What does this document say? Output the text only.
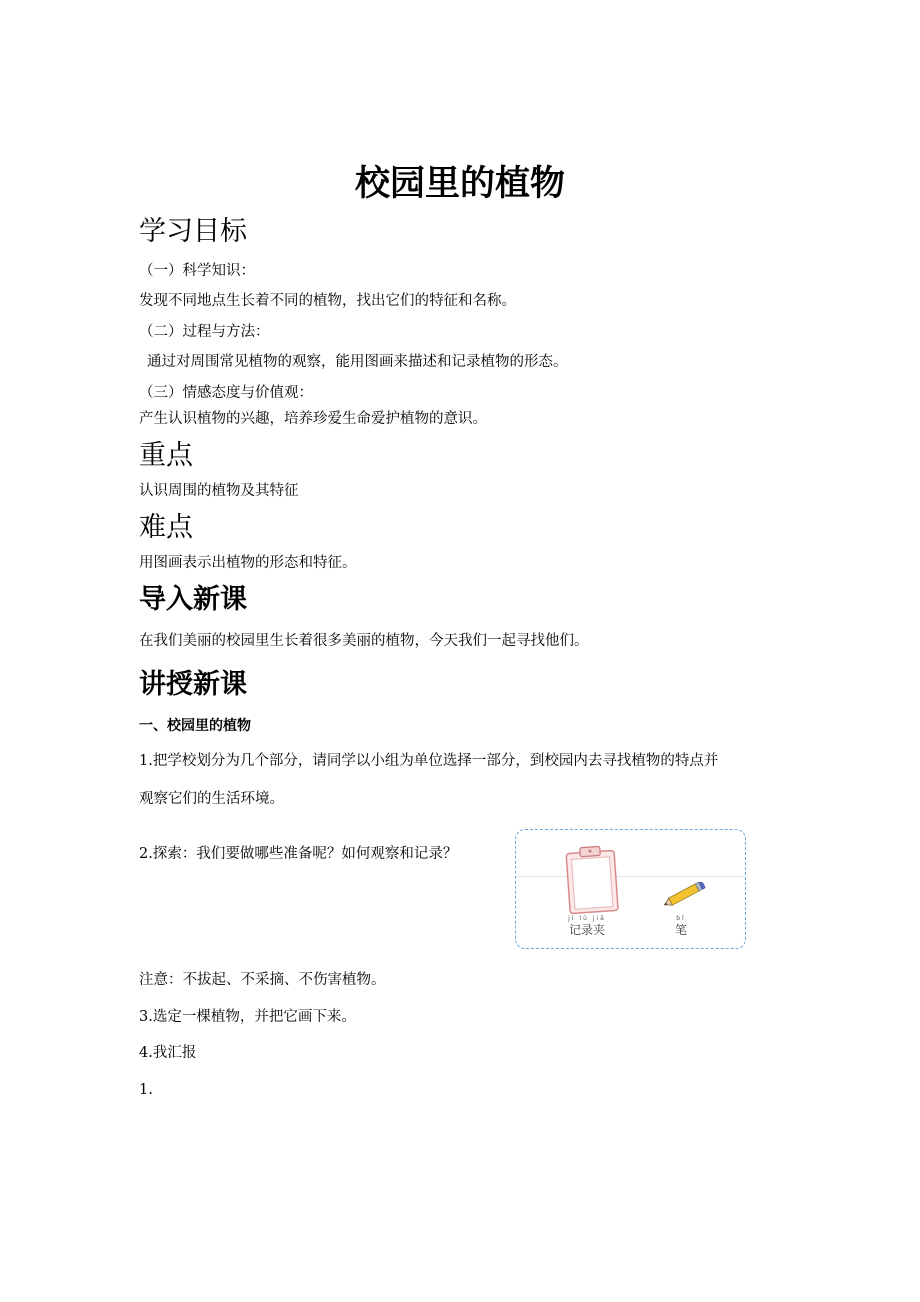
校园里的植物
学习目标
（一）科学知识：
发现不同地点生长着不同的植物，找出它们的特征和名称。
（二）过程与方法：
通过对周围常见植物的观察，能用图画来描述和记录植物的形态。
（三）情感态度与价值观：
产生认识植物的兴趣，培养珍爱生命爱护植物的意识。
重点
认识周围的植物及其特征
难点
用图画表示出植物的形态和特征。
导入新课
在我们美丽的校园里生长着很多美丽的植物，今天我们一起寻找他们。
讲授新课
一、校园里的植物
1.把学校划分为几个部分，请同学以小组为单位选择一部分，到校园内去寻找植物的特点并
观察它们的生活环境。
2.探索：我们要做哪些准备呢？如何观察和记录？
jì lù jiā
记录夹
bǐ
笔
注意：不拔起、不采摘、不伤害植物。
3.选定一棵植物，并把它画下来。
4.我汇报
1.
